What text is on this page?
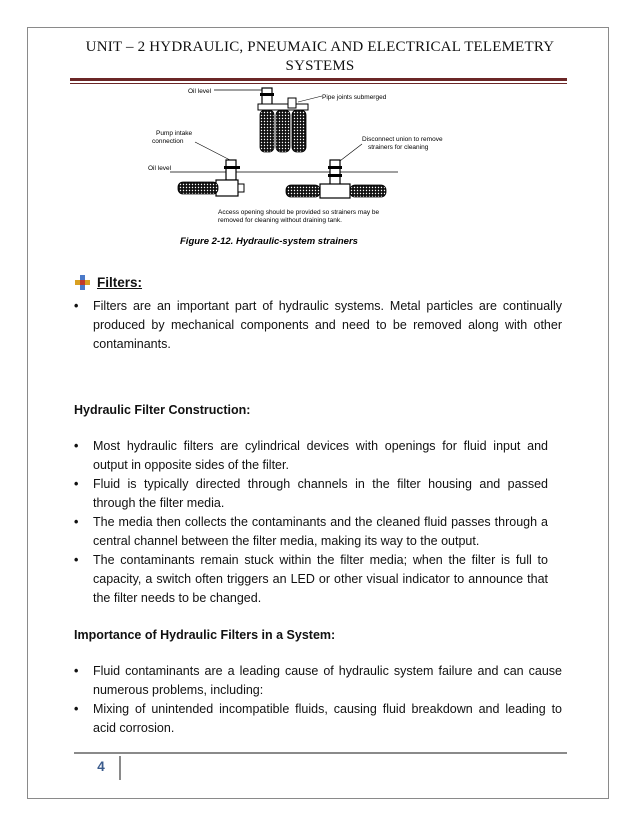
UNIT – 2 HYDRAULIC, PNEUMAIC AND ELECTRICAL TELEMETRY
SYSTEMS
Oil level
Pipe joints submerged
Pump intake
connection	Disconnect union to remove
strainers for cleaning
Oil level
Access opening should be provided so strainers may be
removed for cleaning without draining tank.
Figure 2-12. Hydraulic-system strainers
Filters:
• Filters are an important part of hydraulic systems. Metal particles are continually produced by mechanical components and need to be removed along with other contaminants.
Hydraulic Filter Construction:
• Most hydraulic filters are cylindrical devices with openings for fluid input and output in opposite sides of the filter.
• Fluid is typically directed through channels in the filter housing and passed through the filter media.
• The media then collects the contaminants and the cleaned fluid passes through a central channel between the filter media, making its way to the output.
• The contaminants remain stuck within the filter media; when the filter is full to capacity, a switch often triggers an LED or other visual indicator to announce that the filter needs to be changed.
Importance of Hydraulic Filters in a System:
• Fluid contaminants are a leading cause of hydraulic system failure and can cause numerous problems, including:
• Mixing of unintended incompatible fluids, causing fluid breakdown and leading to acid corrosion.
4
